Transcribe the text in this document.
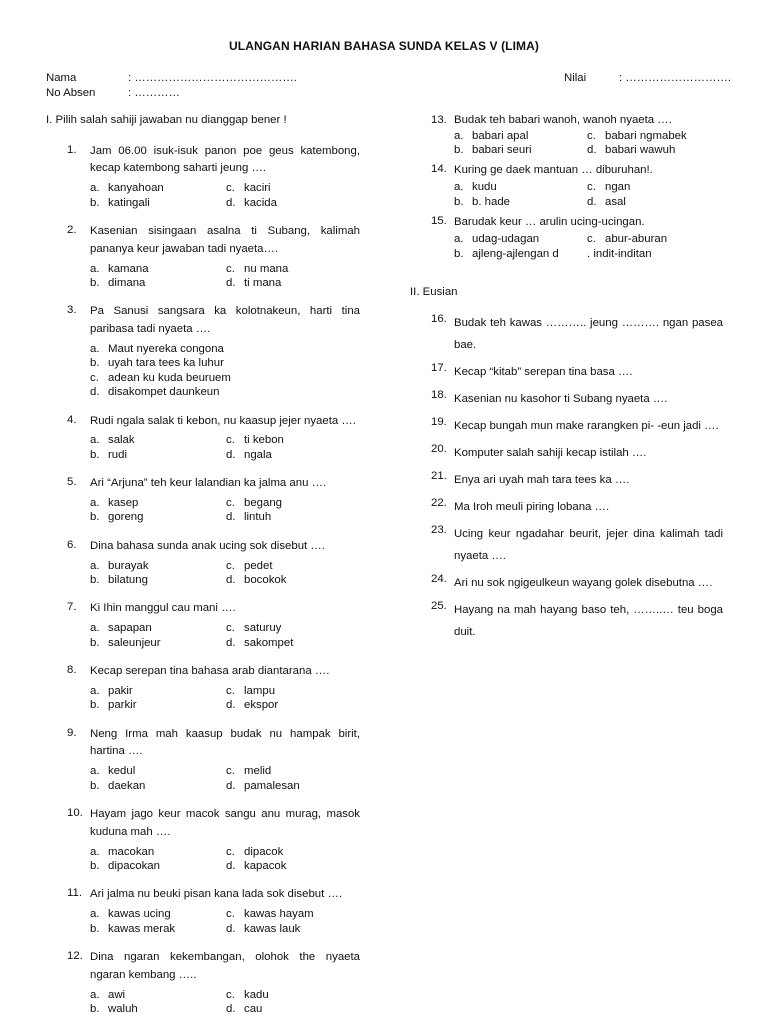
ULANGAN HARIAN BAHASA SUNDA KELAS V (LIMA)
Nama	: …………………………………….
No Absen	: …………
Nilai	: ……………………….
I. Pilih salah sahiji jawaban nu dianggap bener !
1. Jam 06.00 isuk-isuk panon poe geus katembong, kecap katembong saharti jeung ….
a. kanyahoan	c. kaciri
b. katingali	d. kacida
2. Kasenian sisingaan asalna ti Subang, kalimah pananya keur jawaban tadi nyaeta….
a. kamana	c. nu mana
b. dimana	d. ti mana
3. Pa Sanusi sangsara ka kolotnakeun, harti tina paribasa tadi nyaeta ….
a. Maut nyereka congona
b. uyah tara tees ka luhur
c. adean ku kuda beuruem
d. disakompet daunkeun
4. Rudi ngala salak ti kebon, nu kaasup jejer nyaeta ….
a. salak	c. ti kebon
b. rudi	d. ngala
5. Ari “Arjuna” teh keur lalandian ka jalma anu ….
a. kasep	c. begang
b. goreng	d. lintuh
6. Dina bahasa sunda anak ucing sok disebut ….
a. burayak	c. pedet
b. bilatung	d. bocokok
7. Ki Ihin manggul cau mani ….
a. sapapan	c. saturuy
b. saleunjeur	d. sakompet
8. Kecap serepan tina bahasa arab diantarana ….
a. pakir	c. lampu
b. parkir	d. ekspor
9. Neng Irma mah kaasup budak nu hampak birit, hartina ….
a. kedul	c. melid
b. daekan	d. pamalesan
10. Hayam jago keur macok sangu anu murag, masok kuduna mah ….
a. macokan	c. dipacok
b. dipacokan	d. kapacok
11. Ari jalma nu beuki pisan kana lada sok disebut ….
a. kawas ucing	c. kawas hayam
b. kawas merak	d. kawas lauk
12. Dina ngaran kekembangan, olohok the nyaeta ngaran kembang …..
a. awi	c. kadu
b. waluh	d. cau
13. Budak teh babari wanoh, wanoh nyaeta ….
a. babari apal	c. babari ngmabek
b. babari seuri	d. babari wawuh
14. Kuring ge daek mantuan … diburuhan!.
a. kudu	c. ngan
b. b. hade	d. asal
15. Barudak keur … arulin ucing-ucingan.
a. udag-udagan	c. abur-aburan
b. ajleng-ajlengan d . indit-inditan
II. Eusian
16. Budak teh kawas ……….. jeung ………. ngan pasea bae.
17. Kecap “kitab” serepan tina basa ….
18. Kasenian nu kasohor ti Subang nyaeta ….
19. Kecap bungah mun make rarangken pi- -eun jadi ….
20. Komputer salah sahiji kecap istilah ….
21. Enya ari uyah mah tara tees ka ….
22. Ma Iroh meuli piring lobana ….
23. Ucing keur ngadahar beurit, jejer dina kalimah tadi nyaeta ….
24. Ari nu sok ngigeulkeun wayang golek disebutna ….
25. Hayang na mah hayang baso teh, ……..… teu boga duit.
